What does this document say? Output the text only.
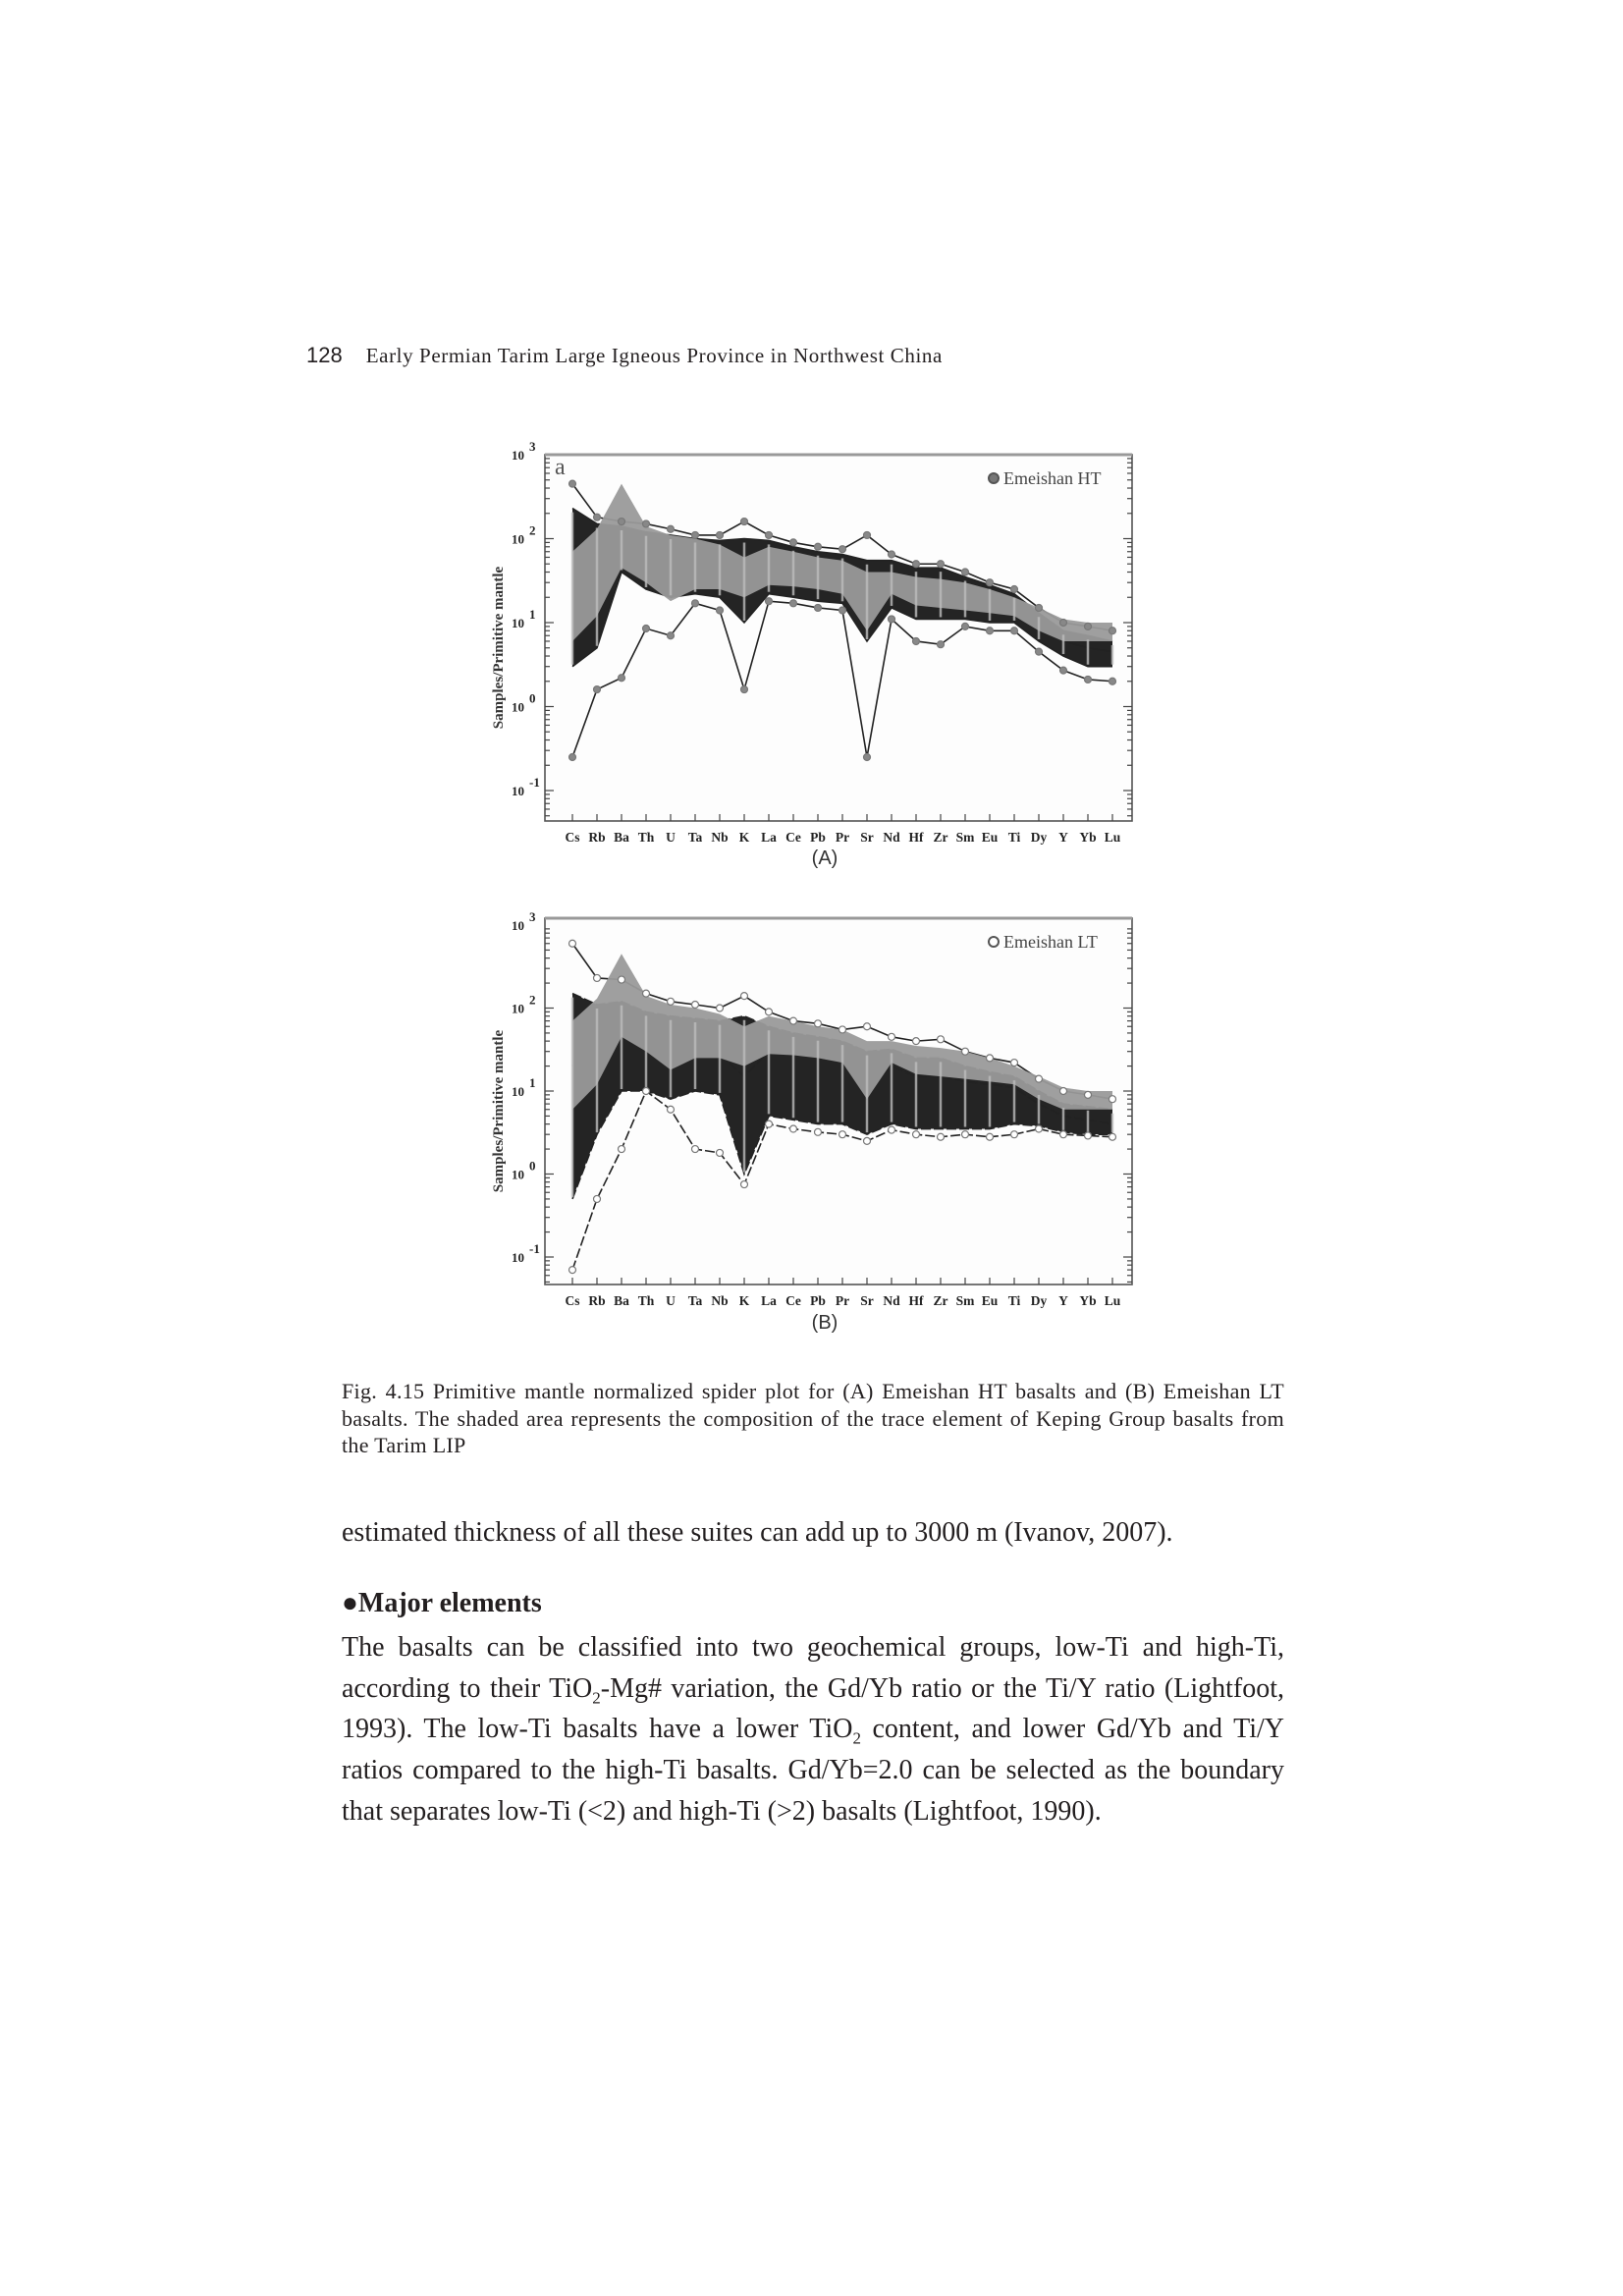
128 Early Permian Tarim Large Igneous Province in Northwest China
10
3
10
2
10
1
10
0
10
-1
Samples/Primitive mantle
Cs Rb Ba Th U Ta Nb K La Ce Pb Pr Sr Nd Hf Zr Sm Eu Ti Dy Y Yb Lu
Emeishan HT
a
(A)
10
3
10
2
10
1
10
0
10
-1
Samples/Primitive mantle
Cs Rb Ba Th U Ta Nb K La Ce Pb Pr Sr Nd Hf Zr Sm Eu Ti Dy Y Yb Lu
Emeishan LT
(B)
Fig. 4.15 Primitive mantle normalized spider plot for (A) Emeishan HT basalts and (B) Emeishan LT basalts. The shaded area represents the composition of the trace element of Keping Group basalts from the Tarim LIP
estimated thickness of all these suites can add up to 3000 m (Ivanov, 2007).
●Major elements
The basalts can be classified into two geochemical groups, low-Ti and high-Ti, according to their TiO$_2$-Mg# variation, the Gd/Yb ratio or the Ti/Y ratio (Lightfoot, 1993). The low-Ti basalts have a lower TiO$_2$ content, and lower Gd/Yb and Ti/Y ratios compared to the high-Ti basalts. Gd/Yb=2.0 can be selected as the boundary that separates low-Ti (<2) and high-Ti (>2) basalts (Lightfoot, 1990).
